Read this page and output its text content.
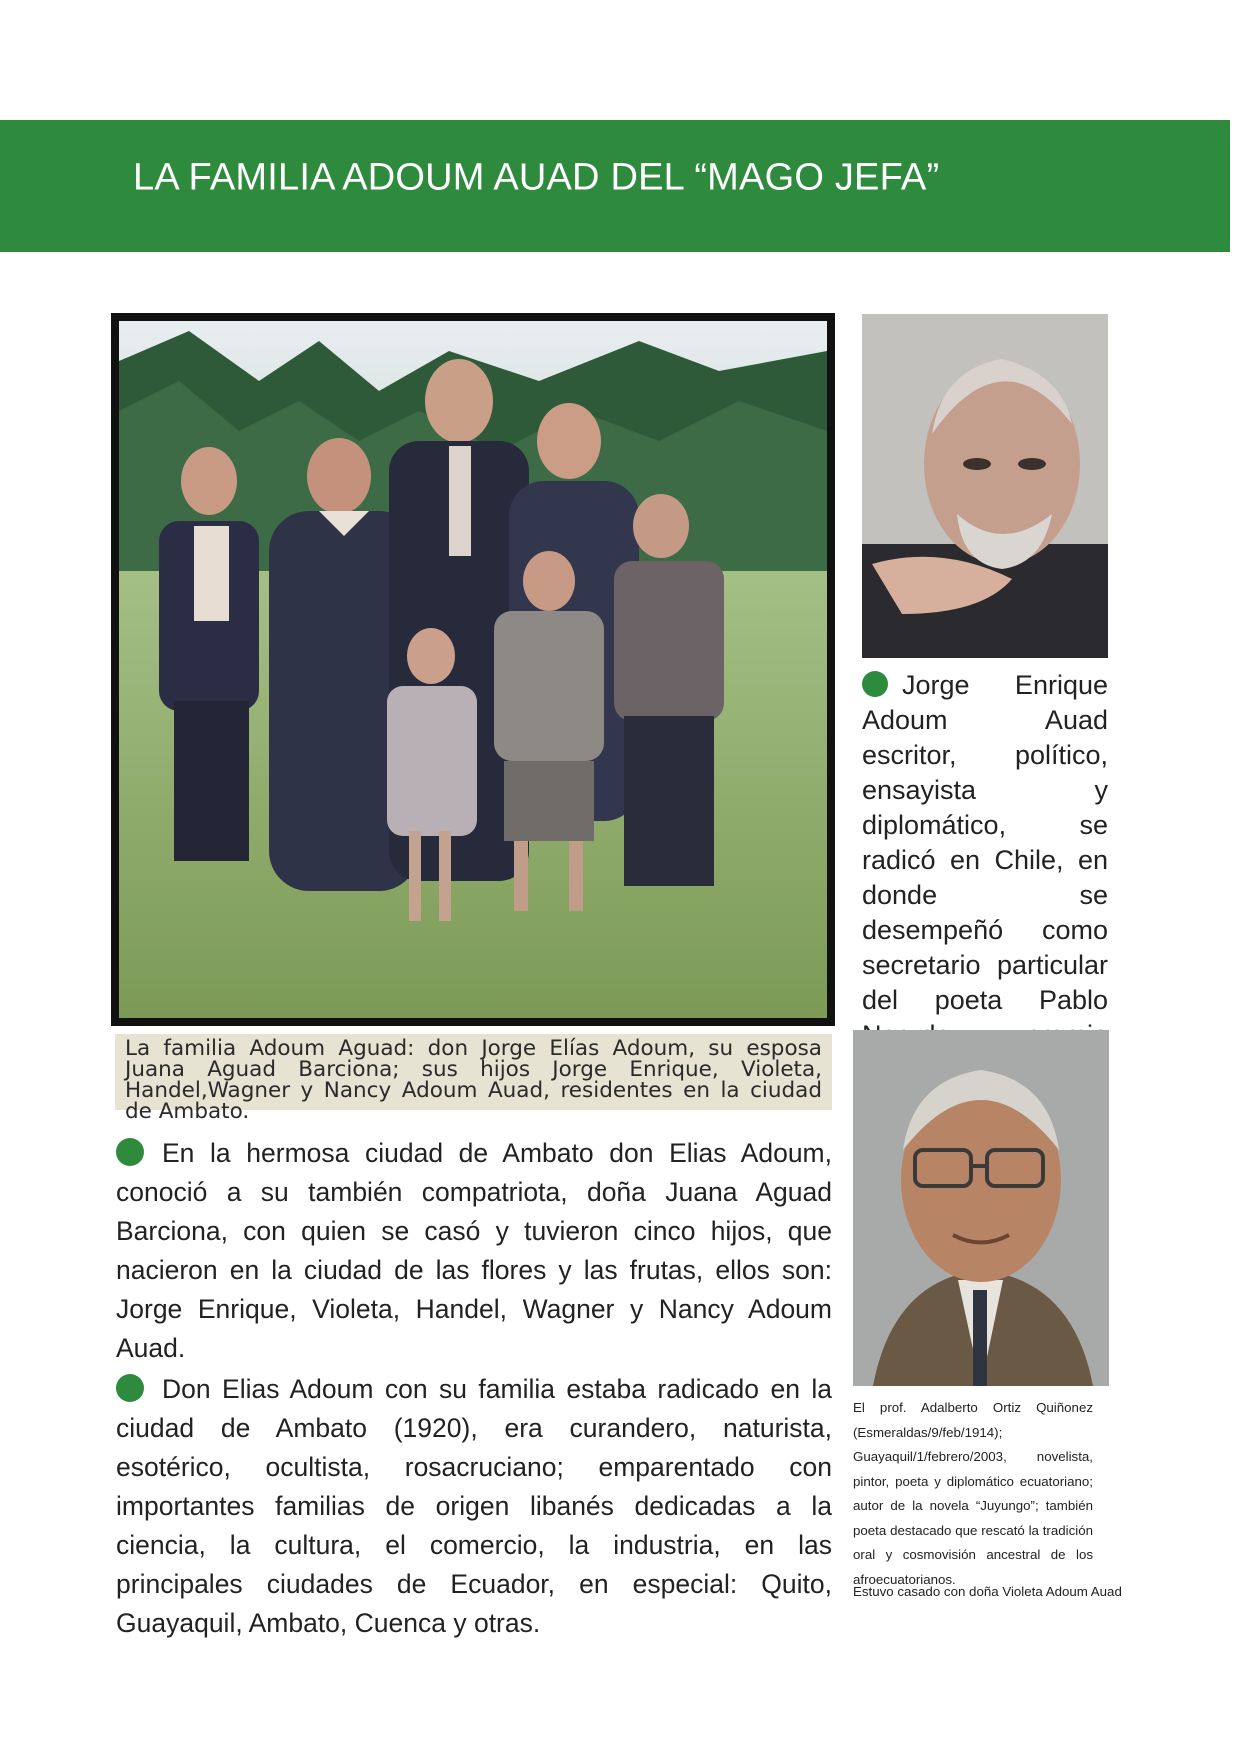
LA FAMILIA ADOUM AUAD DEL “MAGO JEFA”

La familia Adoum Aguad: don Jorge Elías Adoum, su esposa Juana Aguad Barciona; sus hijos Jorge Enrique, Violeta, Handel,Wagner y Nancy Adoum Auad, residentes en la ciudad de Ambato.

En la hermosa ciudad de Ambato don Elias Adoum, conoció a su también compatriota, doña Juana Aguad Barciona, con quien se casó y tuvieron cinco hijos, que nacieron en la ciudad de las flores y las frutas, ellos son: Jorge Enrique, Violeta, Handel, Wagner y Nancy Adoum Auad.

Don Elias Adoum con su familia estaba radicado en la ciudad de Ambato (1920), era curandero, naturista, esotérico, ocultista, rosacruciano; emparentado con importantes familias de origen libanés dedicadas a la ciencia, la cultura, el comercio, la industria, en las principales ciudades de Ecuador, en especial: Quito, Guayaquil, Ambato, Cuenca y otras.

Jorge Enrique Adoum Auad escritor, político, ensayista y diplomático, se radicó en Chile, en donde se desempeñó como secretario particular del poeta Pablo

El prof. Adalberto Ortiz Quiñonez (Esmeraldas/9/feb/1914); Guayaquil/1/febrero/2003, novelista, pintor, poeta y diplomático ecuatoriano; autor de la novela “Juyungo”; también poeta destacado que rescató la tradición oral y cosmovisión ancestral de los afroecuatorianos.

Estuvo casado con doña Violeta Adoum Auad
